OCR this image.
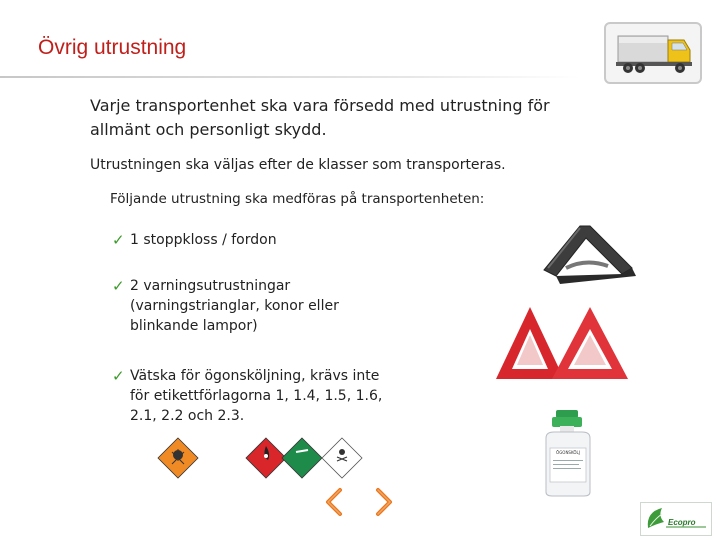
Övrig utrustning
Varje transportenhet ska vara försedd med utrustning för allmänt och personligt skydd.
Utrustningen ska väljas efter de klasser som transporteras.
Följande utrustning ska medföras på transportenheten:
✓ 1 stoppkloss / fordon
✓ 2 varningsutrustningar (varningstrianglar, konor eller blinkande lampor)
✓ Vätska för ögonsköljning, krävs inte för etikettförlagorna 1, 1.4, 1.5, 1.6, 2.1, 2.2 och 2.3.
ÖGONSKÖLJ
Ecopro
